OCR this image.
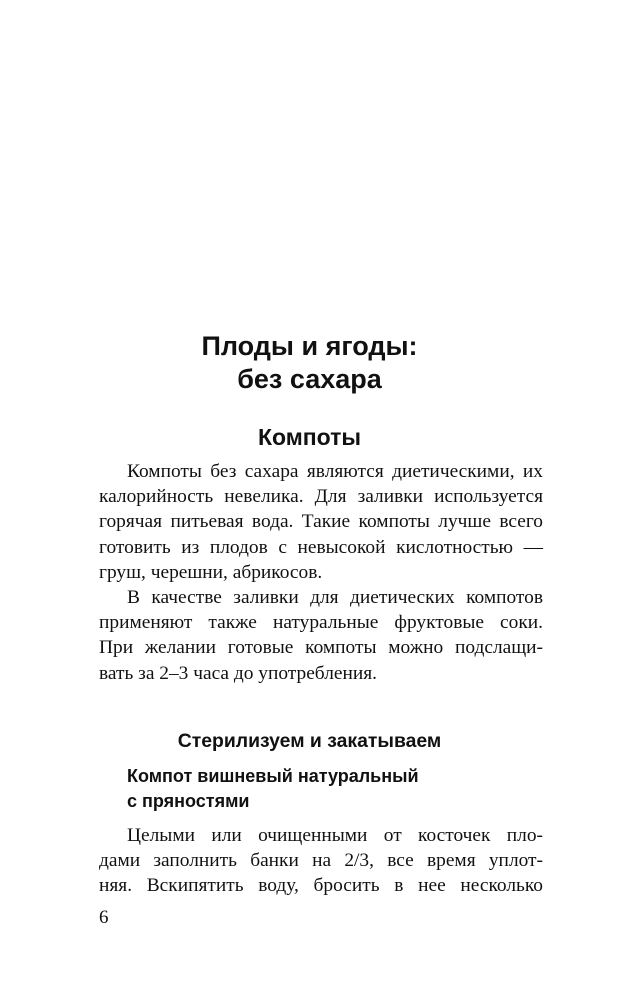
Плоды и ягоды:
без сахара
Компоты

Компоты без сахара являются диетическими, их
калорийность невелика. Для заливки используется
горячая питьевая вода. Такие компоты лучше всего
готовить из плодов с невысокой кислотностью —
груш, черешни, абрикосов.

В качестве заливки для диетических компотов
применяют также натуральные фруктовые соки.
При желании готовые компоты можно подслащи-
вать за 2–3 часа до употребления.

Стерилизуем и закатываем
Компот вишневый натуральный
с пряностями

Целыми или очищенными от косточек пло-
дами заполнить банки на 2/3, все время уплот-
няя. Вскипятить воду, бросить в нее несколько

6
